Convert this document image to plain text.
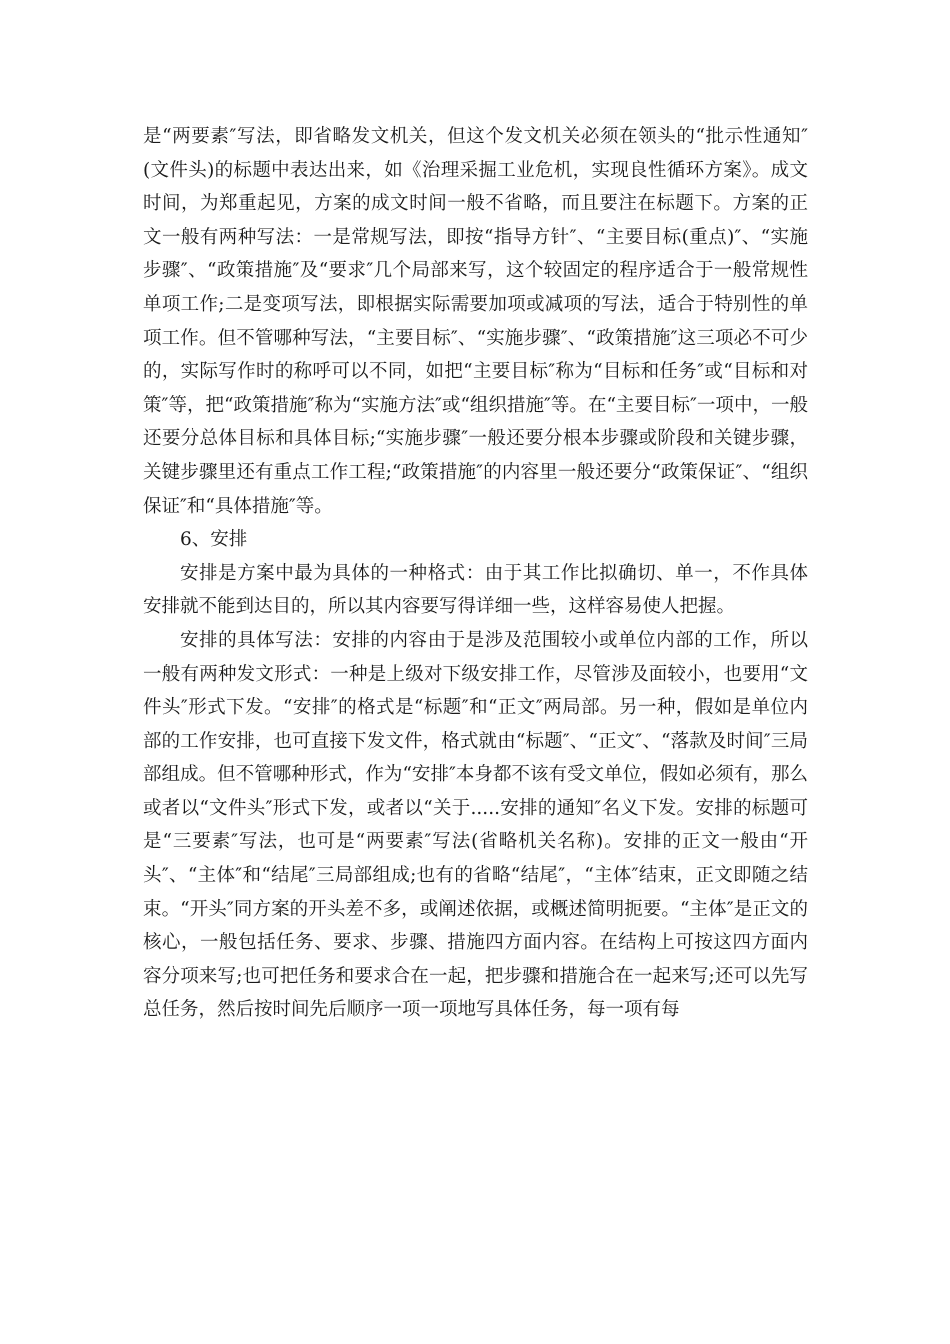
是“两要素″写法，即省略发文机关，但这个发文机关必须在领头的“批示性通知″(文件头)的标题中表达出来，如《治理采掘工业危机，实现良性循环方案》。成文时间，为郑重起见，方案的成文时间一般不省略，而且要注在标题下。方案的正文一般有两种写法：一是常规写法，即按“指导方针″、“主要目标(重点)″、“实施步骤″、“政策措施″及“要求″几个局部来写，这个较固定的程序适合于一般常规性单项工作;二是变项写法，即根据实际需要加项或减项的写法，适合于特别性的单项工作。但不管哪种写法，“主要目标″、“实施步骤″、“政策措施″这三项必不可少的，实际写作时的称呼可以不同，如把“主要目标″称为“目标和任务″或“目标和对策″等，把“政策措施″称为“实施方法″或“组织措施″等。在“主要目标″一项中，一般还要分总体目标和具体目标;“实施步骤″一般还要分根本步骤或阶段和关键步骤，关键步骤里还有重点工作工程;“政策措施″的内容里一般还要分“政策保证″、“组织保证″和“具体措施″等。

6、安排

安排是方案中最为具体的一种格式：由于其工作比拟确切、单一，不作具体安排就不能到达目的，所以其内容要写得详细一些，这样容易使人把握。

安排的具体写法：安排的内容由于是涉及范围较小或单位内部的工作，所以一般有两种发文形式：一种是上级对下级安排工作，尽管涉及面较小，也要用“文件头″形式下发。“安排″的格式是“标题″和“正文″两局部。另一种，假如是单位内部的工作安排，也可直接下发文件，格式就由“标题″、“正文″、“落款及时间″三局部组成。但不管哪种形式，作为“安排″本身都不该有受文单位，假如必须有，那么或者以“文件头″形式下发，或者以“关于.....安排的通知″名义下发。安排的标题可是“三要素″写法，也可是“两要素″写法(省略机关名称)。安排的正文一般由“开头″、“主体″和“结尾″三局部组成;也有的省略“结尾″，“主体″结束，正文即随之结束。“开头″同方案的开头差不多，或阐述依据，或概述简明扼要。“主体″是正文的核心，一般包括任务、要求、步骤、措施四方面内容。在结构上可按这四方面内容分项来写;也可把任务和要求合在一起，把步骤和措施合在一起来写;还可以先写总任务，然后按时间先后顺序一项一项地写具体任务，每一项有每
